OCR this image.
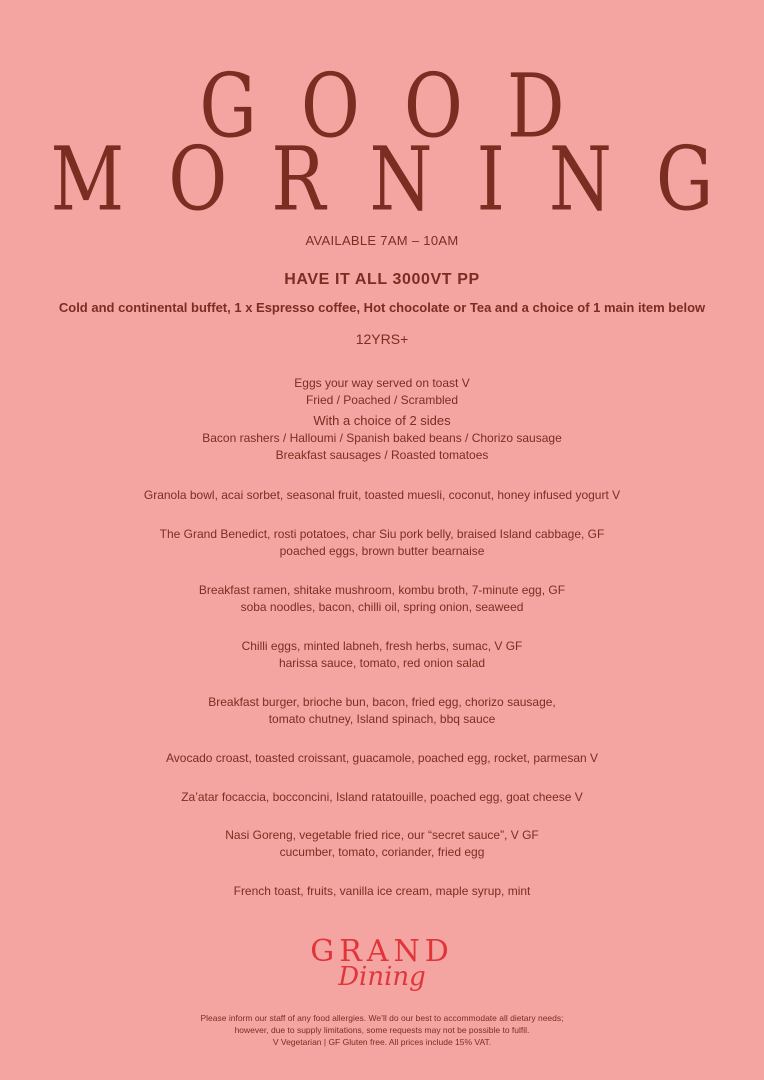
GOOD
MORNING
AVAILABLE 7AM – 10AM
HAVE IT ALL 3000VT PP
Cold and continental buffet, 1 x Espresso coffee, Hot chocolate or Tea and a choice of 1 main item below
12YRS+
Eggs your way served on toast V
Fried / Poached / Scrambled
With a choice of 2 sides
Bacon rashers / Halloumi / Spanish baked beans / Chorizo sausage
Breakfast sausages / Roasted tomatoes
Granola bowl, acai sorbet, seasonal fruit, toasted muesli, coconut, honey infused yogurt V
The Grand Benedict, rosti potatoes, char Siu pork belly, braised Island cabbage, GF
poached eggs, brown butter bearnaise
Breakfast ramen, shitake mushroom, kombu broth, 7-minute egg, GF
soba noodles, bacon, chilli oil, spring onion, seaweed
Chilli eggs, minted labneh, fresh herbs, sumac, V GF
harissa sauce, tomato, red onion salad
Breakfast burger, brioche bun, bacon, fried egg, chorizo sausage,
tomato chutney, Island spinach, bbq sauce
Avocado croast, toasted croissant, guacamole, poached egg, rocket, parmesan V
Za’atar focaccia, bocconcini, Island ratatouille, poached egg, goat cheese V
Nasi Goreng, vegetable fried rice, our “secret sauce”, V GF
cucumber, tomato, coriander, fried egg
French toast, fruits, vanilla ice cream, maple syrup, mint
GRAND
Dining
Please inform our staff of any food allergies. We’ll do our best to accommodate all dietary needs;
however, due to supply limitations, some requests may not be possible to fulfil.
V Vegetarian | GF Gluten free. All prices include 15% VAT.
